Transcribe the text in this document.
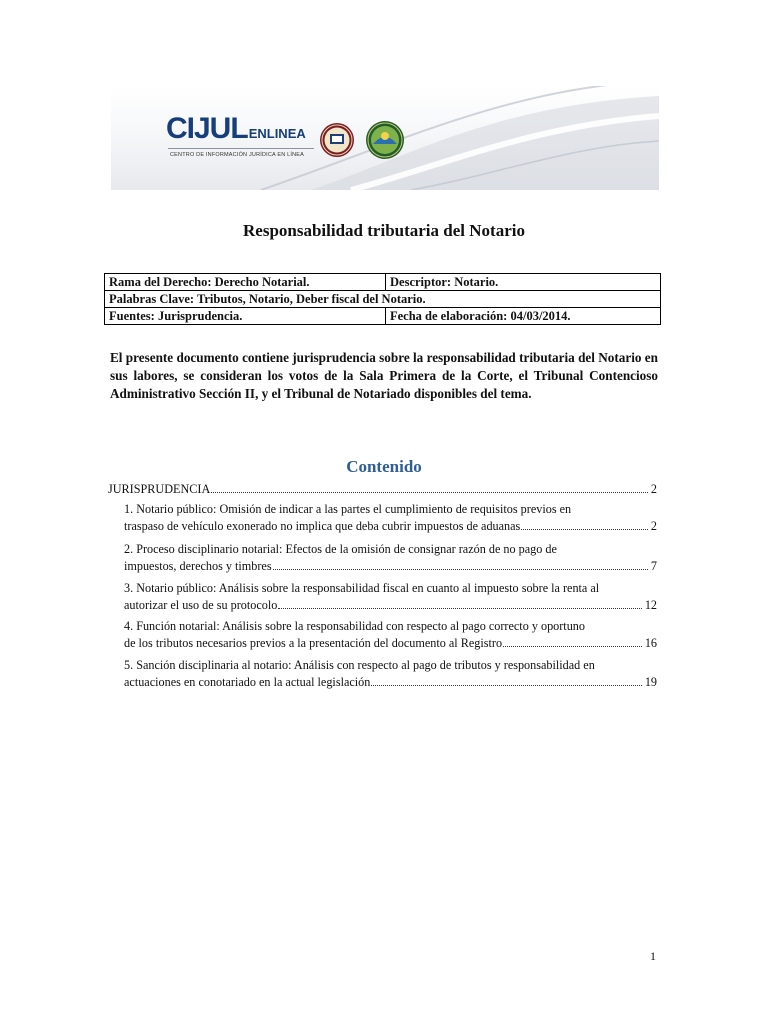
CIJULENLINEA
CENTRO DE INFORMACIÓN JURÍDICA EN LÍNEA
Responsabilidad tributaria del Notario
Rama del Derecho: Derecho Notarial.	Descriptor: Notario.
Palabras Clave: Tributos, Notario, Deber fiscal del Notario.	
Fuentes: Jurisprudencia.	Fecha de elaboración: 04/03/2014.
El presente documento contiene jurisprudencia sobre la responsabilidad tributaria del Notario en sus labores, se consideran los votos de la Sala Primera de la Corte, el Tribunal Contencioso Administrativo Sección II, y el Tribunal de Notariado disponibles del tema.
Contenido
JURISPRUDENCIA	2
1. Notario público: Omisión de indicar a las partes el cumplimiento de requisitos previos en
traspaso de vehículo exonerado no implica que deba cubrir impuestos de aduanas	2
2. Proceso disciplinario notarial: Efectos de la omisión de consignar razón de no pago de
impuestos, derechos y timbres	7
3. Notario público: Análisis sobre la responsabilidad fiscal en cuanto al impuesto sobre la renta al
autorizar el uso de su protocolo	12
4. Función notarial: Análisis sobre la responsabilidad con respecto al pago correcto y oportuno
de los tributos necesarios previos a la presentación del documento al Registro	16
5. Sanción disciplinaria al notario: Análisis con respecto al pago de tributos y responsabilidad en
actuaciones en conotariado en la actual legislación	19
1
